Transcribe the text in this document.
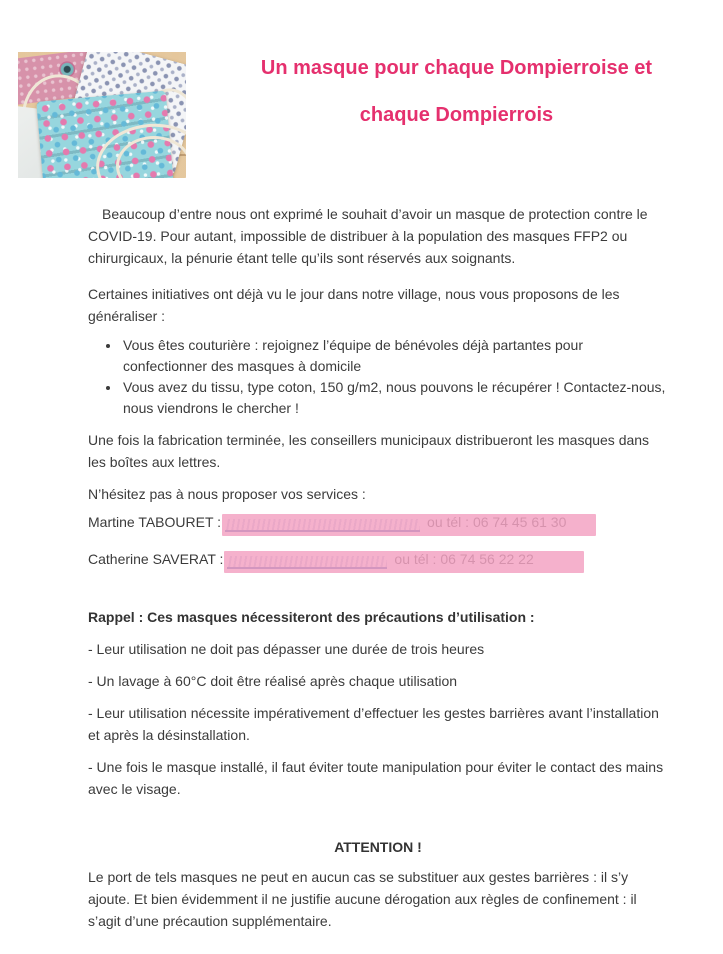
Un masque pour chaque Dompierroise et
chaque Dompierrois

Beaucoup d’entre nous ont exprimé le souhait d’avoir un masque de protection contre le COVID-19. Pour autant, impossible de distribuer à la population des masques FFP2 ou chirurgicaux, la pénurie étant telle qu’ils sont réservés aux soignants.

Certaines initiatives ont déjà vu le jour dans notre village, nous vous proposons de les généraliser :

• Vous êtes couturière : rejoignez l’équipe de bénévoles déjà partantes pour confectionner des masques à domicile
• Vous avez du tissu, type coton, 150 g/m2, nous pouvons le récupérer ! Contactez-nous, nous viendrons le chercher !

Une fois la fabrication terminée, les conseillers municipaux distribueront les masques dans les boîtes aux lettres.

N’hésitez pas à nous proposer vos services :

Martine TABOURET :

Catherine SAVERAT :

Rappel : Ces masques nécessiteront des précautions d’utilisation :

- Leur utilisation ne doit pas dépasser une durée de trois heures

- Un lavage à 60°C doit être réalisé après chaque utilisation

- Leur utilisation nécessite impérativement d’effectuer les gestes barrières avant l’installation et après la désinstallation.

- Une fois le masque installé, il faut éviter toute manipulation pour éviter le contact des mains avec le visage.

ATTENTION !

Le port de tels masques ne peut en aucun cas se substituer aux gestes barrières : il s’y ajoute. Et bien évidemment il ne justifie aucune dérogation aux règles de confinement : il s’agit d’une précaution supplémentaire.
